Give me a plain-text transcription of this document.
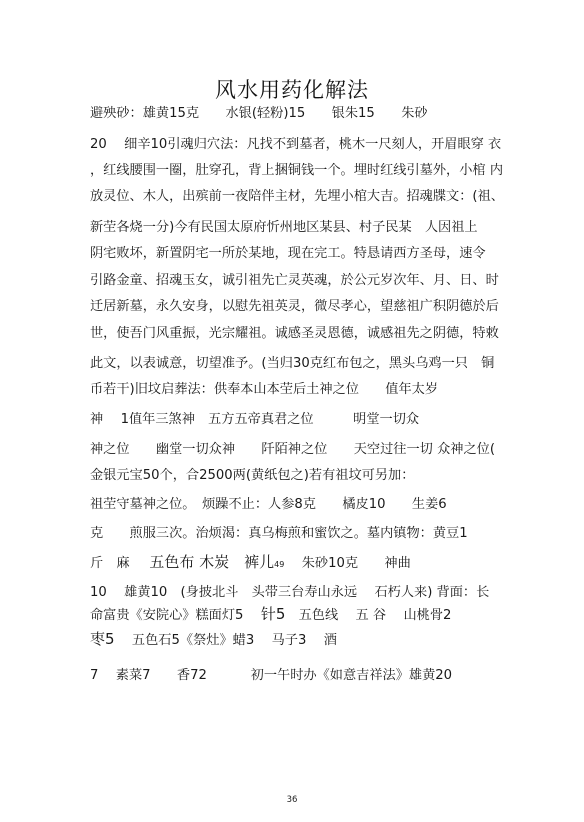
风水用药化解法
避殃砂：雄黄15克　　水银(轻粉)15　　银朱15　　朱砂
20　 细辛10引魂归穴法：凡找不到墓者，桃木一尺刻人，开眉眼穿 衣
，红线腰围一圈，肚穿孔，背上捆铜钱一个。埋时红线引墓外，小棺 内
放灵位、木人，出殡前一夜陪伴主材，先埋小棺大吉。招魂牒文：(祖、
新茔各烧一分)今有民国太原府忻州地区某县、村子民某　人因祖上
阴宅败坏，新置阴宅一所於某地，现在完工。特恳请西方圣母，速令
引路金童、招魂玉女，诚引祖先亡灵英魂，於公元岁次年、月、日、时
迁居新墓，永久安身，以慰先祖英灵，微尽孝心，望慈祖广积阴德於后
世，使吾门风重振，光宗耀祖。诚感圣灵恩德，诚感祖先之阴德，特敕
此文，以表诚意，切望准予。(当归30克红布包之，黑头乌鸡一只　铜
币若干)旧坟启葬法：供奉本山本茔后土神之位　　值年太岁
神　 1值年三煞神　五方五帝真君之位　　　明堂一切众
神之位　　幽堂一切众神　　阡陌神之位　　天空过往一切 众神之位(
金银元宝50个，合2500两(黄纸包之)若有祖坟可另加：
祖茔守墓神之位。　烦躁不止：人参8克　　橘皮10　　生姜6
克　　煎服三次。治烦渴：真乌梅煎和蜜饮之。墓内镇物：黄豆1
斤　麻　 五色布 木炭　裤儿49　 朱砂10克　　神曲
10　 雄黄10　(身披北斗　头带三台寿山永远　 石朽人来) 背面：长
命富贵《安院心》糕面灯5　 针5　五色线　 五 谷　 山桃骨2
枣5　 五色石5《祭灶》蜡3　 马子3　 酒
7　 素菜7　　香72　　　 初一午时办《如意吉祥法》雄黄20
36
